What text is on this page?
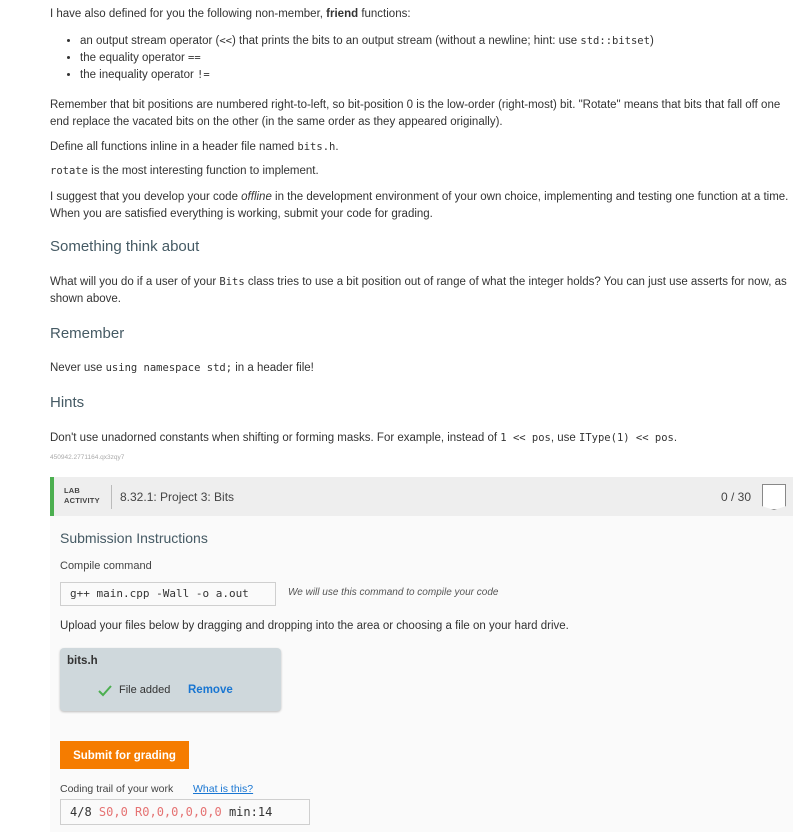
I have also defined for you the following non-member, friend functions:
• an output stream operator (<<) that prints the bits to an output stream (without a newline; hint: use std::bitset)
• the equality operator ==
• the inequality operator !=
Remember that bit positions are numbered right-to-left, so bit-position 0 is the low-order (right-most) bit. "Rotate" means that bits that fall off one end replace the vacated bits on the other (in the same order as they appeared originally).
Define all functions inline in a header file named bits.h.
rotate is the most interesting function to implement.
I suggest that you develop your code offline in the development environment of your own choice, implementing and testing one function at a time. When you are satisfied everything is working, submit your code for grading.
Something think about
What will you do if a user of your Bits class tries to use a bit position out of range of what the integer holds? You can just use asserts for now, as shown above.
Remember
Never use using namespace std; in a header file!
Hints
Don't use unadorned constants when shifting or forming masks. For example, instead of 1 << pos, use IType(1) << pos.
450942.2771164.qx3zqy7
LAB
ACTIVITY 8.32.1: Project 3: Bits	0 / 30
Submission Instructions
Compile command
g++ main.cpp -Wall -o a.out	We will use this command to compile your code
Upload your files below by dragging and dropping into the area or choosing a file on your hard drive.
bits.h
File added Remove
Submit for grading
Coding trail of your work What is this?
4/8 S0,0 R0,0,0,0,0,0 min:14
